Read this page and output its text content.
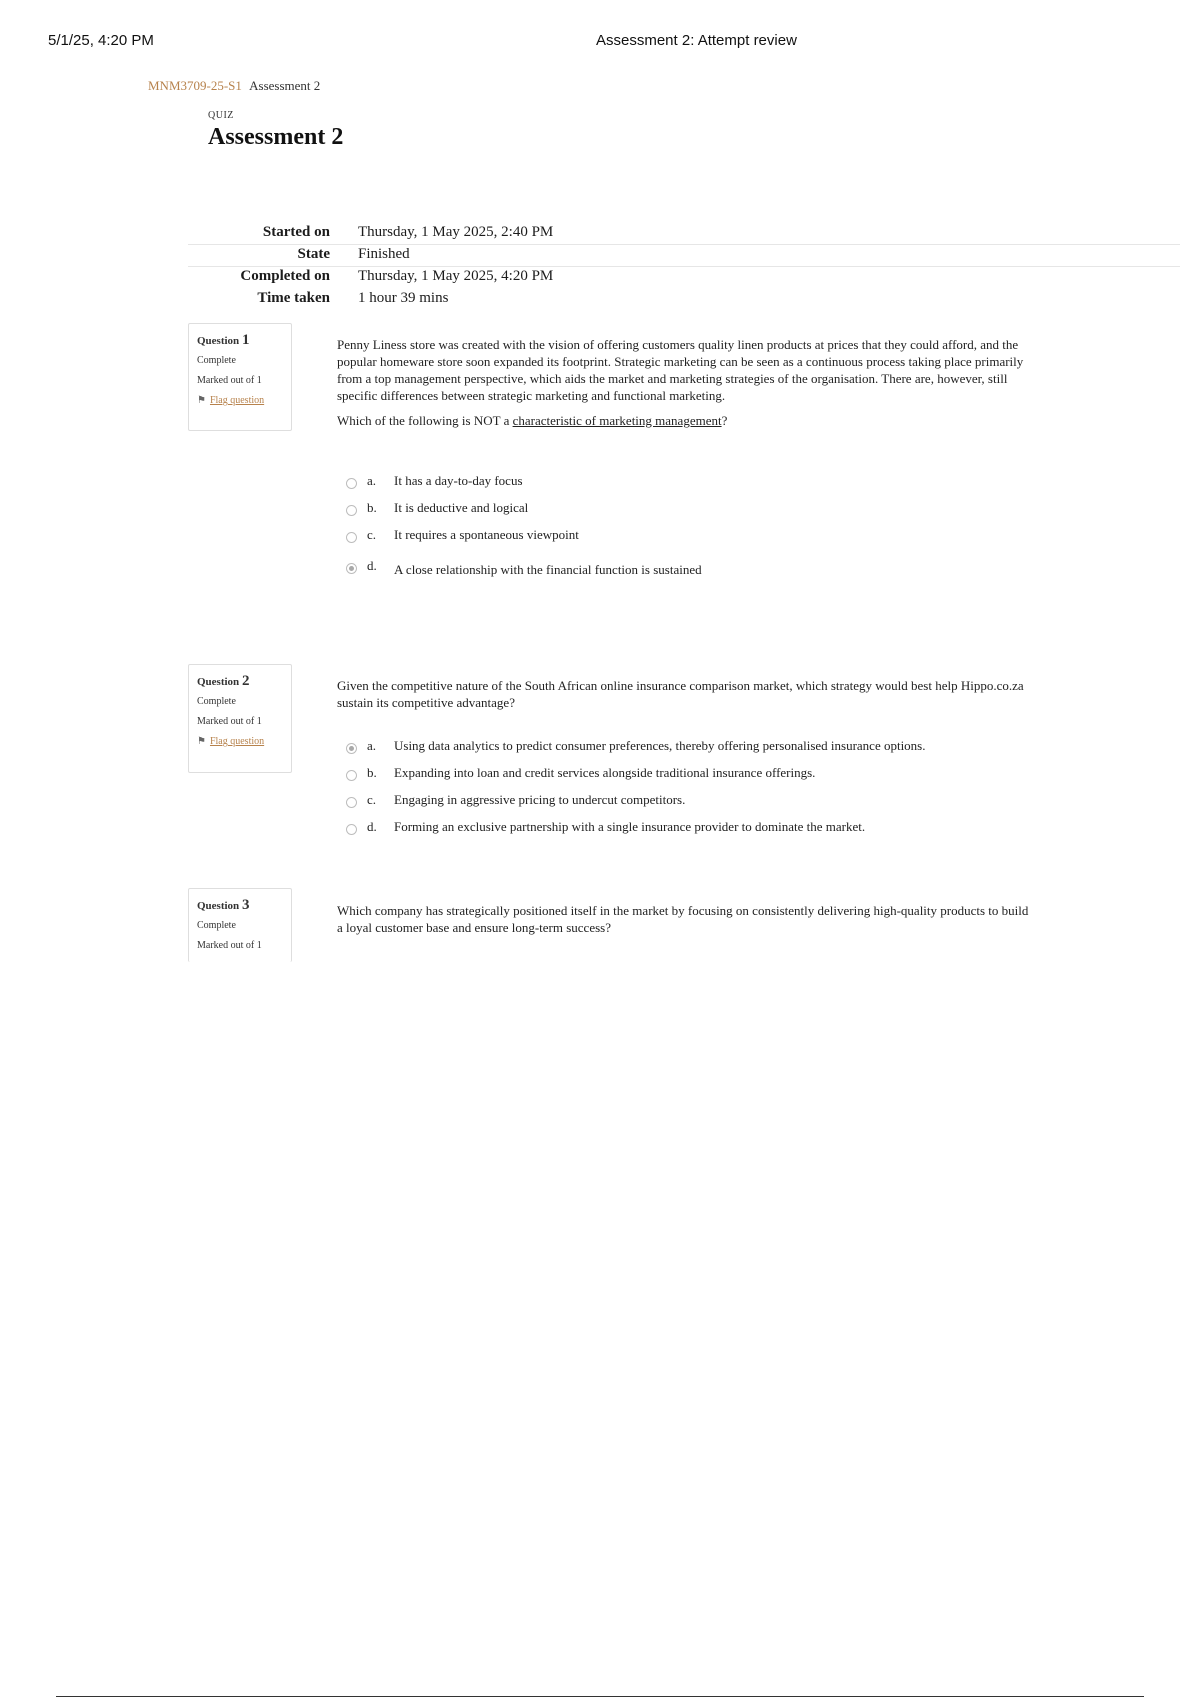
5/1/25, 4:20 PM	Assessment 2: Attempt review
MNM3709-25-S1 Assessment 2
QUIZ
Assessment 2
Started on Thursday, 1 May 2025, 2:40 PM
State Finished
Completed on Thursday, 1 May 2025, 4:20 PM
Time taken 1 hour 39 mins
Question 1
Complete
Marked out of 1
⚑ Flag question

Penny Liness store was created with the vision of offering customers quality linen products at prices that they could afford, and the popular homeware store soon expanded its footprint. Strategic marketing can be seen as a continuous process taking place primarily from a top management perspective, which aids the market and marketing strategies of the organisation. There are, however, still specific differences between strategic marketing and functional marketing.

Which of the following is NOT a characteristic of marketing management?

a. It has a day-to-day focus
b. It is deductive and logical
c. It requires a spontaneous viewpoint
d. A close relationship with the financial function is sustained
Question 2
Complete
Marked out of 1
⚑ Flag question

Given the competitive nature of the South African online insurance comparison market, which strategy would best help Hippo.co.za sustain its competitive advantage?

a. Using data analytics to predict consumer preferences, thereby offering personalised insurance options.
b. Expanding into loan and credit services alongside traditional insurance offerings.
c. Engaging in aggressive pricing to undercut competitors.
d. Forming an exclusive partnership with a single insurance provider to dominate the market.
Question 3
Complete
Marked out of 1

Which company has strategically positioned itself in the market by focusing on consistently delivering high-quality products to build a loyal customer base and ensure long-term success?
